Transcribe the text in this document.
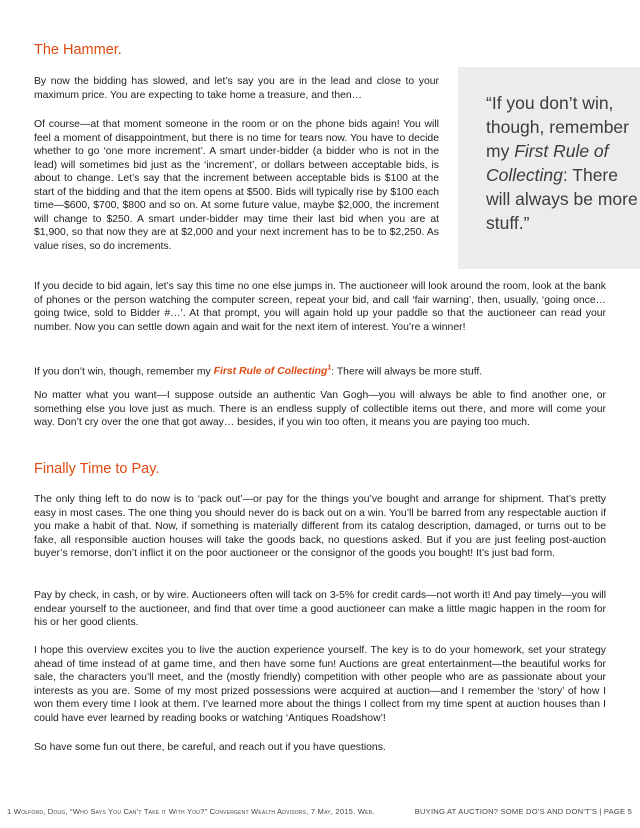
The Hammer.

By now the bidding has slowed, and let’s say you are in the lead and close to your maximum price. You are expecting to take home a treasure, and then…

Of course—at that moment someone in the room or on the phone bids again! You will feel a moment of disappointment, but there is no time for tears now. You have to decide whether to go ‘one more increment’. A smart under-bidder (a bidder who is not in the lead) will sometimes bid just as the ‘increment’, or dollars between acceptable bids, is about to change. Let’s say that the increment between acceptable bids is $100 at the start of the bidding and that the item opens at $500. Bids will typically rise by $100 each time—$600, $700, $800 and so on. At some future value, maybe $2,000, the increment will change to $250. A smart under-bidder may time their last bid when you are at $1,900, so that now they are at $2,000 and your next increment has to be to $2,250. As value rises, so do increments.

“If you don’t win, though, remember my First Rule of Collecting: There will always be more stuff.”

If you decide to bid again, let’s say this time no one else jumps in. The auctioneer will look around the room, look at the bank of phones or the person watching the computer screen, repeat your bid, and call ‘fair warning’, then, usually, ‘going once… going twice, sold to Bidder #…’. At that prompt, you will again hold up your paddle so that the auctioneer can read your number. Now you can settle down again and wait for the next item of interest. You’re a winner!

If you don’t win, though, remember my First Rule of Collecting$^1$: There will always be more stuff.

No matter what you want—I suppose outside an authentic Van Gogh—you will always be able to find another one, or something else you love just as much. There is an endless supply of collectible items out there, and more will come your way. Don’t cry over the one that got away… besides, if you win too often, it means you are paying too much.

Finally Time to Pay.

The only thing left to do now is to ‘pack out’—or pay for the things you’ve bought and arrange for shipment. That’s pretty easy in most cases. The one thing you should never do is back out on a win. You’ll be barred from any respectable auction if you make a habit of that. Now, if something is materially different from its catalog description, damaged, or turns out to be fake, all responsible auction houses will take the goods back, no questions asked. But if you are just feeling post-auction buyer’s remorse, don’t inflict it on the poor auctioneer or the consignor of the goods you bought! It’s just bad form.

Pay by check, in cash, or by wire. Auctioneers often will tack on 3-5% for credit cards—not worth it! And pay timely—you will endear yourself to the auctioneer, and find that over time a good auctioneer can make a little magic happen in the room for his or her good clients.

I hope this overview excites you to live the auction experience yourself. The key is to do your homework, set your strategy ahead of time instead of at game time, and then have some fun! Auctions are great entertainment—the beautiful works for sale, the characters you’ll meet, and the (mostly friendly) competition with other people who are as passionate about your interests as you are. Some of my most prized possessions were acquired at auction—and I remember the ‘story’ of how I won them every time I look at them. I’ve learned more about the things I collect from my time spent at auction houses than I could have ever learned by reading books or watching ‘Antiques Roadshow’!

So have some fun out there, be careful, and reach out if you have questions.

1 Wolford, Doug, “Who Says You Can’t Take it With You?” Convergent Wealth Advisors, 7 May, 2015. Web.	BUYING AT AUCTION? SOME DO’S AND DON’T’S | PAGE 5
